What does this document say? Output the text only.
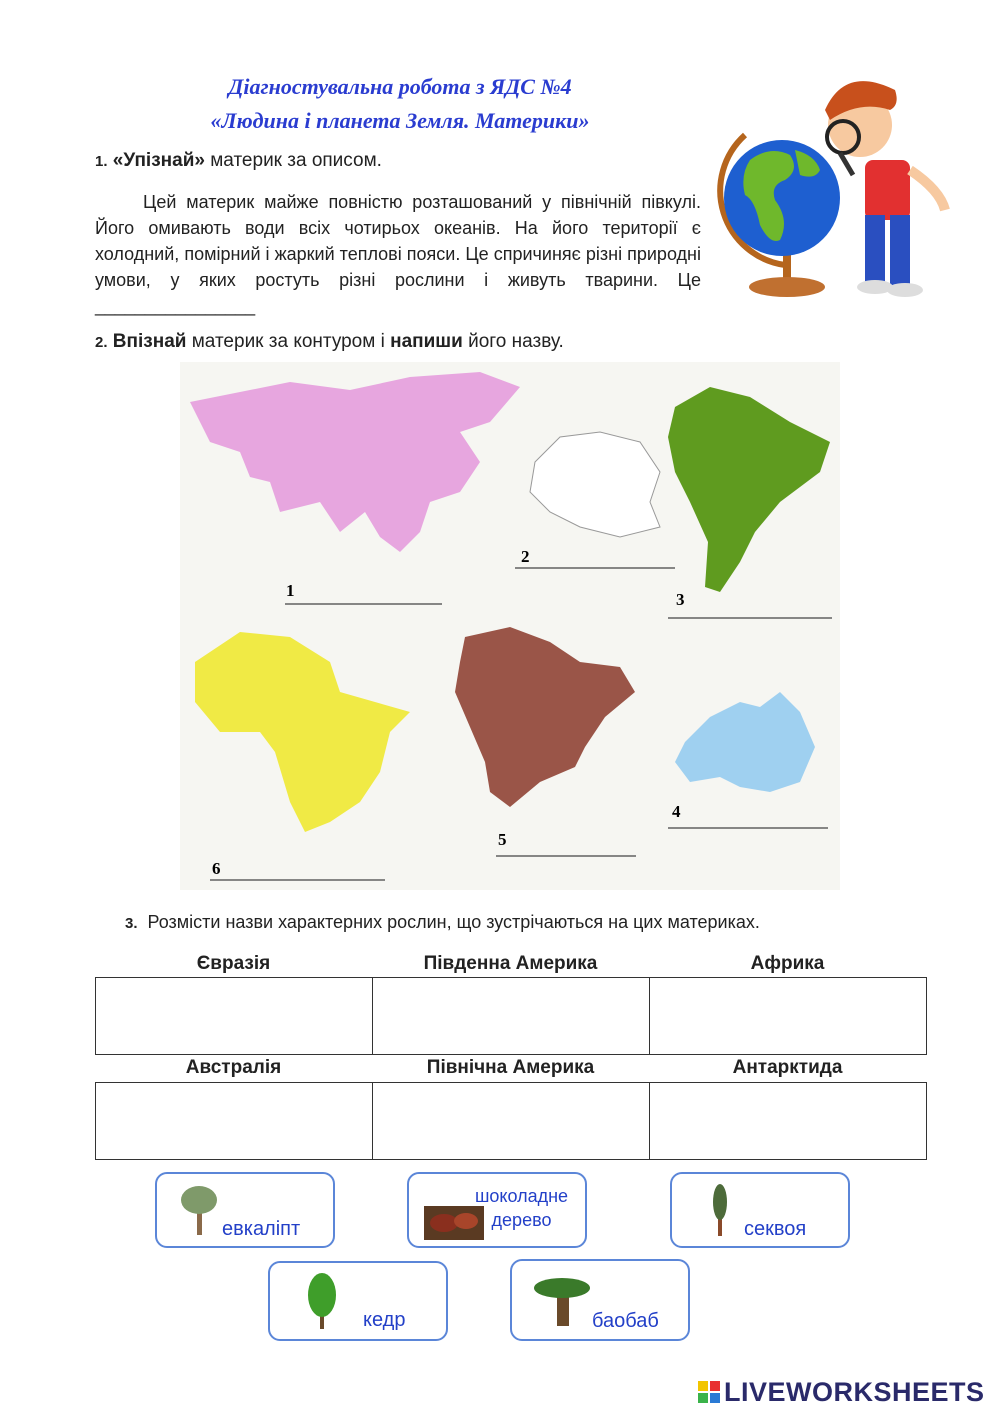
Діагностувальна робота з ЯДС №4
«Людина і планета Земля. Материки»
1. «Упізнай» материк за описом.
Цей материк майже повністю розташований у північній півкулі. Його омивають води всіх чотирьох океанів. На його території є холодний, помірний і жаркий теплові пояси. Це спричиняє різні природні умови, у яких ростуть різні рослини і живуть тварини. Це ________________
2. Впізнай материк за контуром і напиши його назву.
1
2
3
4
5
6
3. Розмісти назви характерних рослин, що зустрічаються на цих материках.
Євразія	Південна Америка	Африка

Австралія	Північна Америка	Антарктида

евкаліпт
шоколадне
дерево	секвоя
кедр	баобаб
LIVEWORKSHEETS
